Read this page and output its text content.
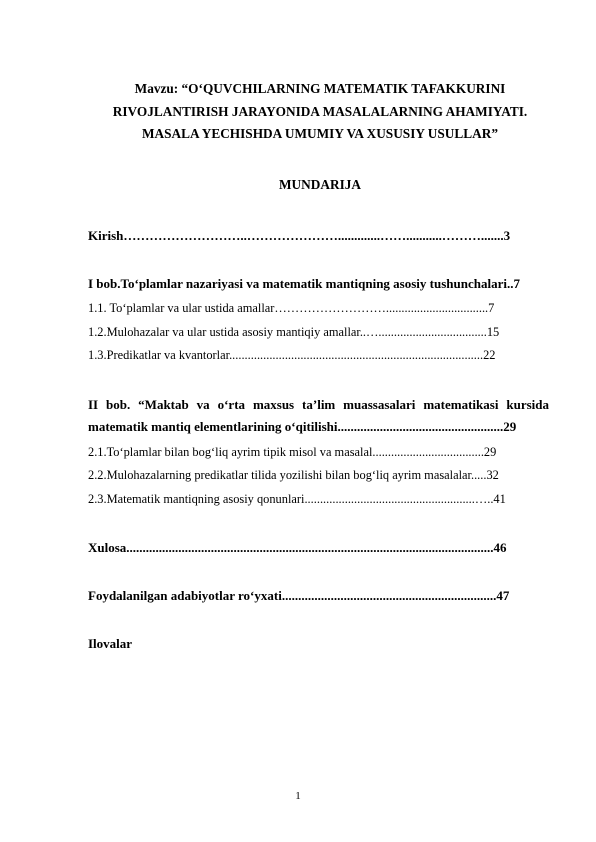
Mavzu: “O‘QUVCHILARNING MATEMATIK TAFAKKURINI
RIVOJLANTIRISH JARAYONIDA MASALALARNING AHAMIYATI.
MASALA YECHISHDA UMUMIY VA XUSUSIY USULLAR”
MUNDARIJA
Kirish………………………..………………….............……...........……….......3
I bob.To‘plamlar nazariyasi va matematik mantiqning asosiy tushunchalari..7
1.1. To‘plamlar va ular ustida amallar……………………….................................7
1.2.Mulohazalar va ular ustida asosiy mantiqiy amallar..…...................................15
1.3.Predikatlar va kvantorlar..................................................................................22
II bob. “Maktab va o‘rta maxsus ta’lim muassasalari matematikasi kursida
matematik mantiq elementlarining o‘qitilishi...................................................29
2.1.To‘plamlar bilan bog‘liq ayrim tipik misol va masalal....................................29
2.2.Mulohazalarning predikatlar tilida yozilishi bilan bog‘liq ayrim masalalar.....32
2.3.Matematik mantiqning asosiy qonunlari.......................................................…..41
Xulosa.................................................................................................................46
Foydalanilgan adabiyotlar ro‘yxati..................................................................47
Ilovalar
1
